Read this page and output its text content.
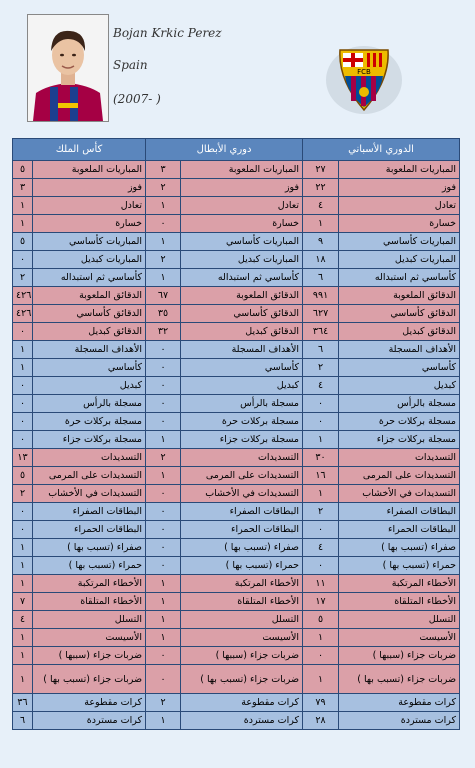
Bojan Krkic Perez
Spain
(2007- )
FCB
كأس الملك		دوري الأبطال		الدوري الأسباني	
٥	المباريات الملعوبة	٣	المباريات الملعوبة	٢٧	المباريات الملعوبة
٣	فوز	٢	فوز	٢٢	فوز
١	تعادل	١	تعادل	٤	تعادل
١	خسارة	٠	خسارة	١	خسارة
٥	المباريات كأساسي	١	المباريات كأساسي	٩	المباريات كأساسي
٠	المباريات كبديل	٢	المباريات كبديل	١٨	المباريات كبديل
٢	كأساسي ثم استبداله	١	كأساسي ثم استبداله	٦	كأساسي ثم استبداله
٤٢٦	الدقائق الملعوبة	٦٧	الدقائق الملعوبة	٩٩١	الدقائق الملعوبة
٤٢٦	الدقائق كأساسي	٣٥	الدقائق كأساسي	٦٢٧	الدقائق كأساسي
٠	الدقائق كبديل	٣٢	الدقائق كبديل	٣٦٤	الدقائق كبديل
١	الأهداف المسجلة	٠	الأهداف المسجلة	٦	الأهداف المسجلة
١	كأساسي	٠	كأساسي	٢	كأساسي
٠	كبديل	٠	كبديل	٤	كبديل
٠	مسجلة بالرأس	٠	مسجلة بالرأس	٠	مسجلة بالرأس
٠	مسجلة بركلات حرة	٠	مسجلة بركلات حرة	٠	مسجلة بركلات حرة
٠	مسجلة بركلات جزاء	١	مسجلة بركلات جزاء	١	مسجلة بركلات جزاء
١٣	التسديدات	٢	التسديدات	٣٠	التسديدات
٥	التسديدات على المرمى	١	التسديدات على المرمى	١٦	التسديدات على المرمى
٢	التسديدات في الأخشاب	٠	التسديدات في الأخشاب	١	التسديدات في الأخشاب
٠	البطاقات الصفراء	٠	البطاقات الصفراء	٢	البطاقات الصفراء
٠	البطاقات الحمراء	٠	البطاقات الحمراء	٠	البطاقات الحمراء
١	صفراء (تسبب بها )	٠	صفراء (تسبب بها )	٤	صفراء (تسبب بها )
١	حمراء (تسبب بها )	٠	حمراء (تسبب بها )	٠	حمراء (تسبب بها )
١	الأخطاء المرتكبة	١	الأخطاء المرتكبة	١١	الأخطاء المرتكبة
٧	الأخطاء المتلقاة	١	الأخطاء المتلقاة	١٧	الأخطاء المتلقاة
٤	التسلل	١	التسلل	٥	التسلل
١	الأسيست	١	الأسيست	١	الأسيست
١	ضربات جزاء (سببها )	٠	ضربات جزاء (سببها )	٠	ضربات جزاء (سببها )
١	ضربات جزاء (تسبب بها )	٠	ضربات جزاء (تسبب بها )	١	ضربات جزاء (تسبب بها )
٣٦	كرات مقطوعة	٢	كرات مقطوعة	٧٩	كرات مقطوعة
٦	كرات مستردة	١	كرات مستردة	٢٨	كرات مستردة
